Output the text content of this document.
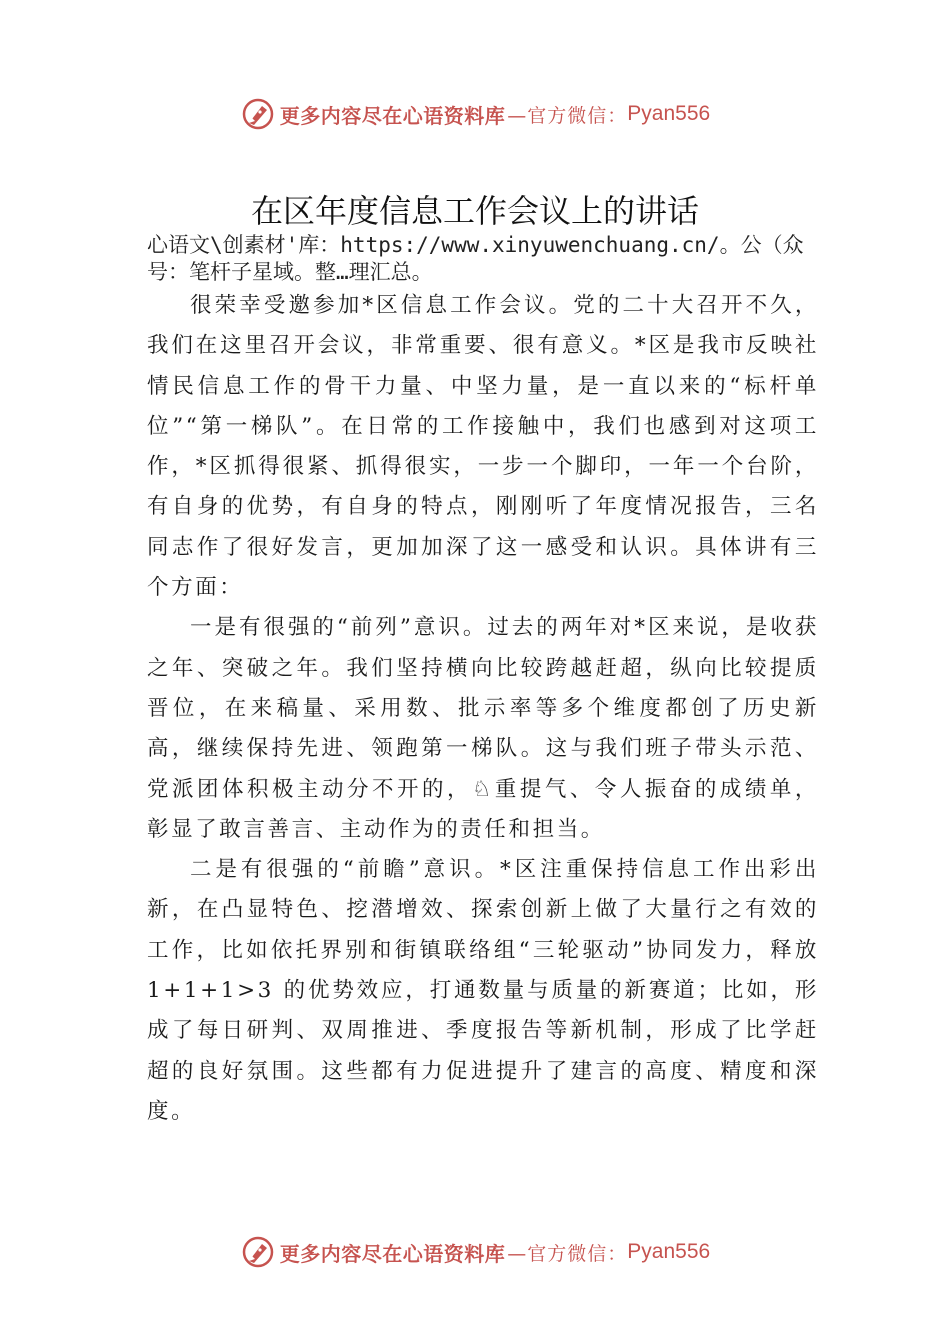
更多内容尽在心语资料库 —官方微信： Pyan556
在区年度信息工作会议上的讲话
心语文\创素材'库：https://www.xinyuwenchuang.cn/。公（众号：笔杆子星域。整…理汇总。

很荣幸受邀参加*区信息工作会议。党的二十大召开不久，我们在这里召开会议，非常重要、很有意义。*区是我市反映社情民信息工作的骨干力量、中坚力量，是一直以来的“标杆单位”“第一梯队”。在日常的工作接触中，我们也感到对这项工作，*区抓得很紧、抓得很实，一步一个脚印，一年一个台阶，有自身的优势，有自身的特点，刚刚听了年度情况报告，三名同志作了很好发言，更加加深了这一感受和认识。具体讲有三个方面：

一是有很强的“前列”意识。过去的两年对*区来说，是收获之年、突破之年。我们坚持横向比较跨越赶超，纵向比较提质晋位，在来稿量、采用数、批示率等多个维度都创了历史新高，继续保持先进、领跑第一梯队。这与我们班子带头示范、党派团体积极主动分不开的，♘重提气、令人振奋的成绩单，彰显了敢言善言、主动作为的责任和担当。

二是有很强的“前瞻”意识。*区注重保持信息工作出彩出新，在凸显特色、挖潜增效、探索创新上做了大量行之有效的工作，比如依托界别和街镇联络组“三轮驱动”协同发力，释放 1+1+1>3 的优势效应，打通数量与质量的新赛道；比如，形成了每日研判、双周推进、季度报告等新机制，形成了比学赶超的良好氛围。这些都有力促进提升了建言的高度、精度和深度。

更多内容尽在心语资料库 —官方微信： Pyan556
